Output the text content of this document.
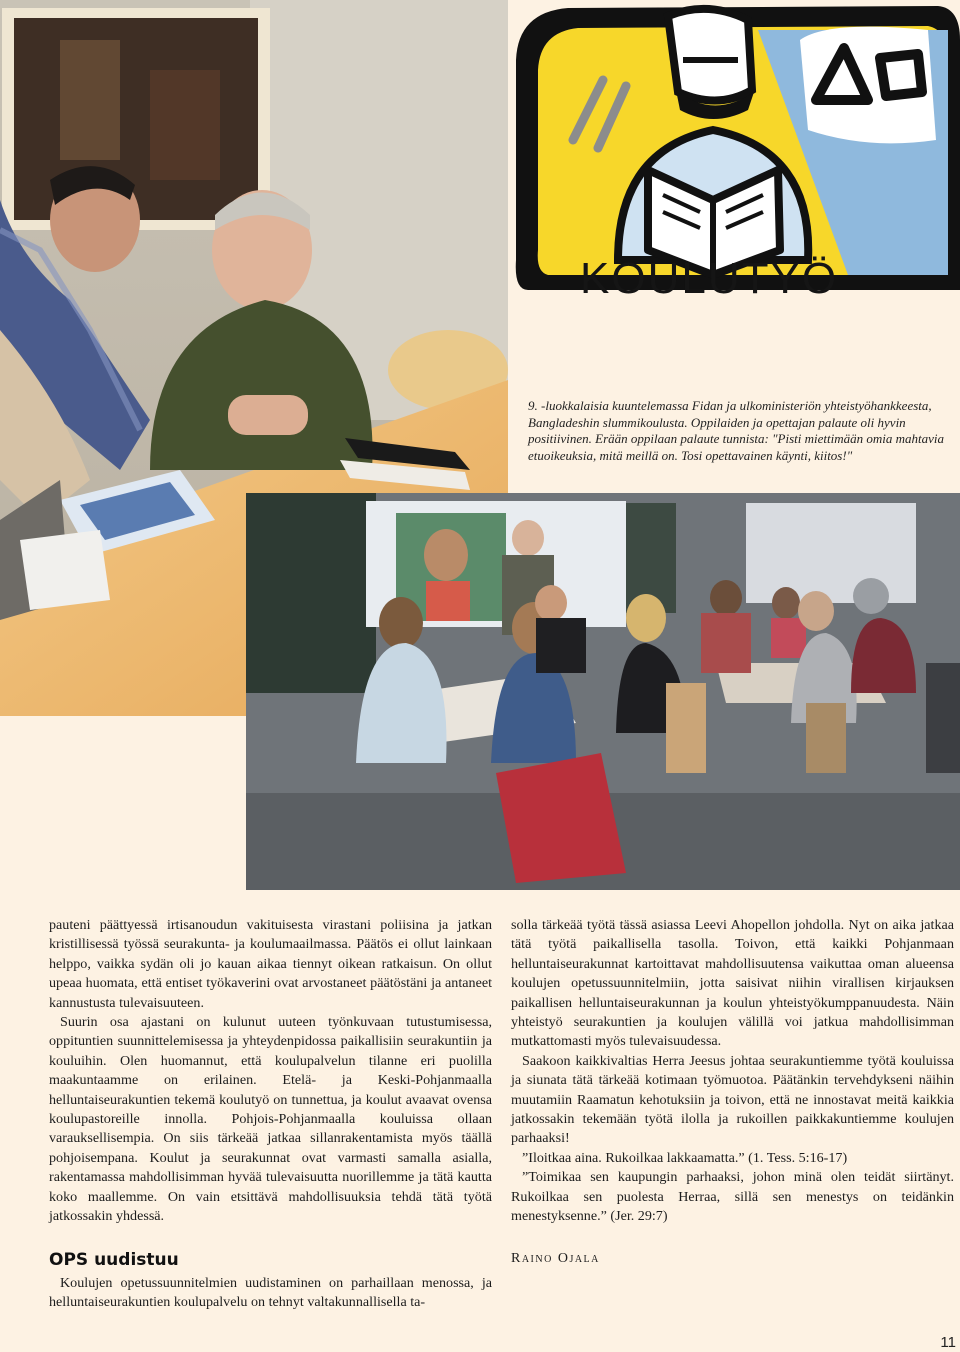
KOULUTYÖ

9. -luokkalaisia kuuntelemassa Fidan ja ulkoministeriön yhteistyöhankkeesta, Bangladeshin slummikoulusta. Oppilaiden ja opettajan palaute oli hyvin positiivinen. Erään oppilaan palaute tunnista: "Pisti miettimään omia mahtavia etuoikeuksia, mitä meillä on. Tosi opettavainen käynti, kiitos!"

pauteni päättyessä irtisanoudun vakituisesta virastani poliisina ja jatkan kristillisessä työssä seurakunta- ja koulumaailmassa. Päätös ei ollut lainkaan helppo, vaikka sydän oli jo kauan aikaa tiennyt oikean ratkaisun. On ollut upeaa huomata, että entiset työkaverini ovat arvostaneet päätöstäni ja antaneet kannustusta tulevaisuuteen.

Suurin osa ajastani on kulunut uuteen työnkuvaan tutustumisessa, oppituntien suunnittelemisessa ja yhteydenpidossa paikallisiin seurakuntiin ja kouluihin. Olen huomannut, että koulupalvelun tilanne eri puolilla maakuntaamme on erilainen. Etelä- ja Keski-Pohjanmaalla helluntaiseurakuntien tekemä koulutyö on tunnettua, ja koulut avaavat ovensa koulupastoreille innolla. Pohjois-Pohjanmaalla kouluissa ollaan varauksellisempia. On siis tärkeää jatkaa sillanrakentamista myös täällä pohjoisempana. Koulut ja seurakunnat ovat varmasti samalla asialla, rakentamassa mahdollisimman hyvää tulevaisuutta nuorillemme ja tätä kautta koko maallemme. On vain etsittävä mahdollisuuksia tehdä tätä työtä jatkossakin yhdessä.

OPS uudistuu

Koulujen opetussuunnitelmien uudistaminen on parhaillaan menossa, ja helluntaiseurakuntien koulupalvelu on tehnyt valtakunnallisella ta-

solla tärkeää työtä tässä asiassa Leevi Ahopellon johdolla. Nyt on aika jatkaa tätä työtä paikallisella tasolla. Toivon, että kaikki Pohjanmaan helluntaiseurakunnat kartoittavat mahdollisuutensa vaikuttaa oman alueensa koulujen opetussuunnitelmiin, jotta saisivat niihin virallisen kirjauksen paikallisen helluntaiseurakunnan ja koulun yhteistyökumppanuudesta. Näin yhteistyö seurakuntien ja koulujen välillä voi jatkua mahdollisimman mutkattomasti myös tulevaisuudessa.

Saakoon kaikkivaltias Herra Jeesus johtaa seurakuntiemme työtä kouluissa ja siunata tätä tärkeää kotimaan työmuotoa. Päätänkin tervehdykseni näihin muutamiin Raamatun kehotuksiin ja toivon, että ne innostavat meitä kaikkia jatkossakin tekemään työtä ilolla ja rukoillen paikkakuntiemme koulujen parhaaksi!

”Iloitkaa aina. Rukoilkaa lakkaamatta.” (1. Tess. 5:16-17)

”Toimikaa sen kaupungin parhaaksi, johon minä olen teidät siirtänyt. Rukoilkaa sen puolesta Herraa, sillä sen menestys on teidänkin menestyksenne.” (Jer. 29:7)

Raino Ojala

11
